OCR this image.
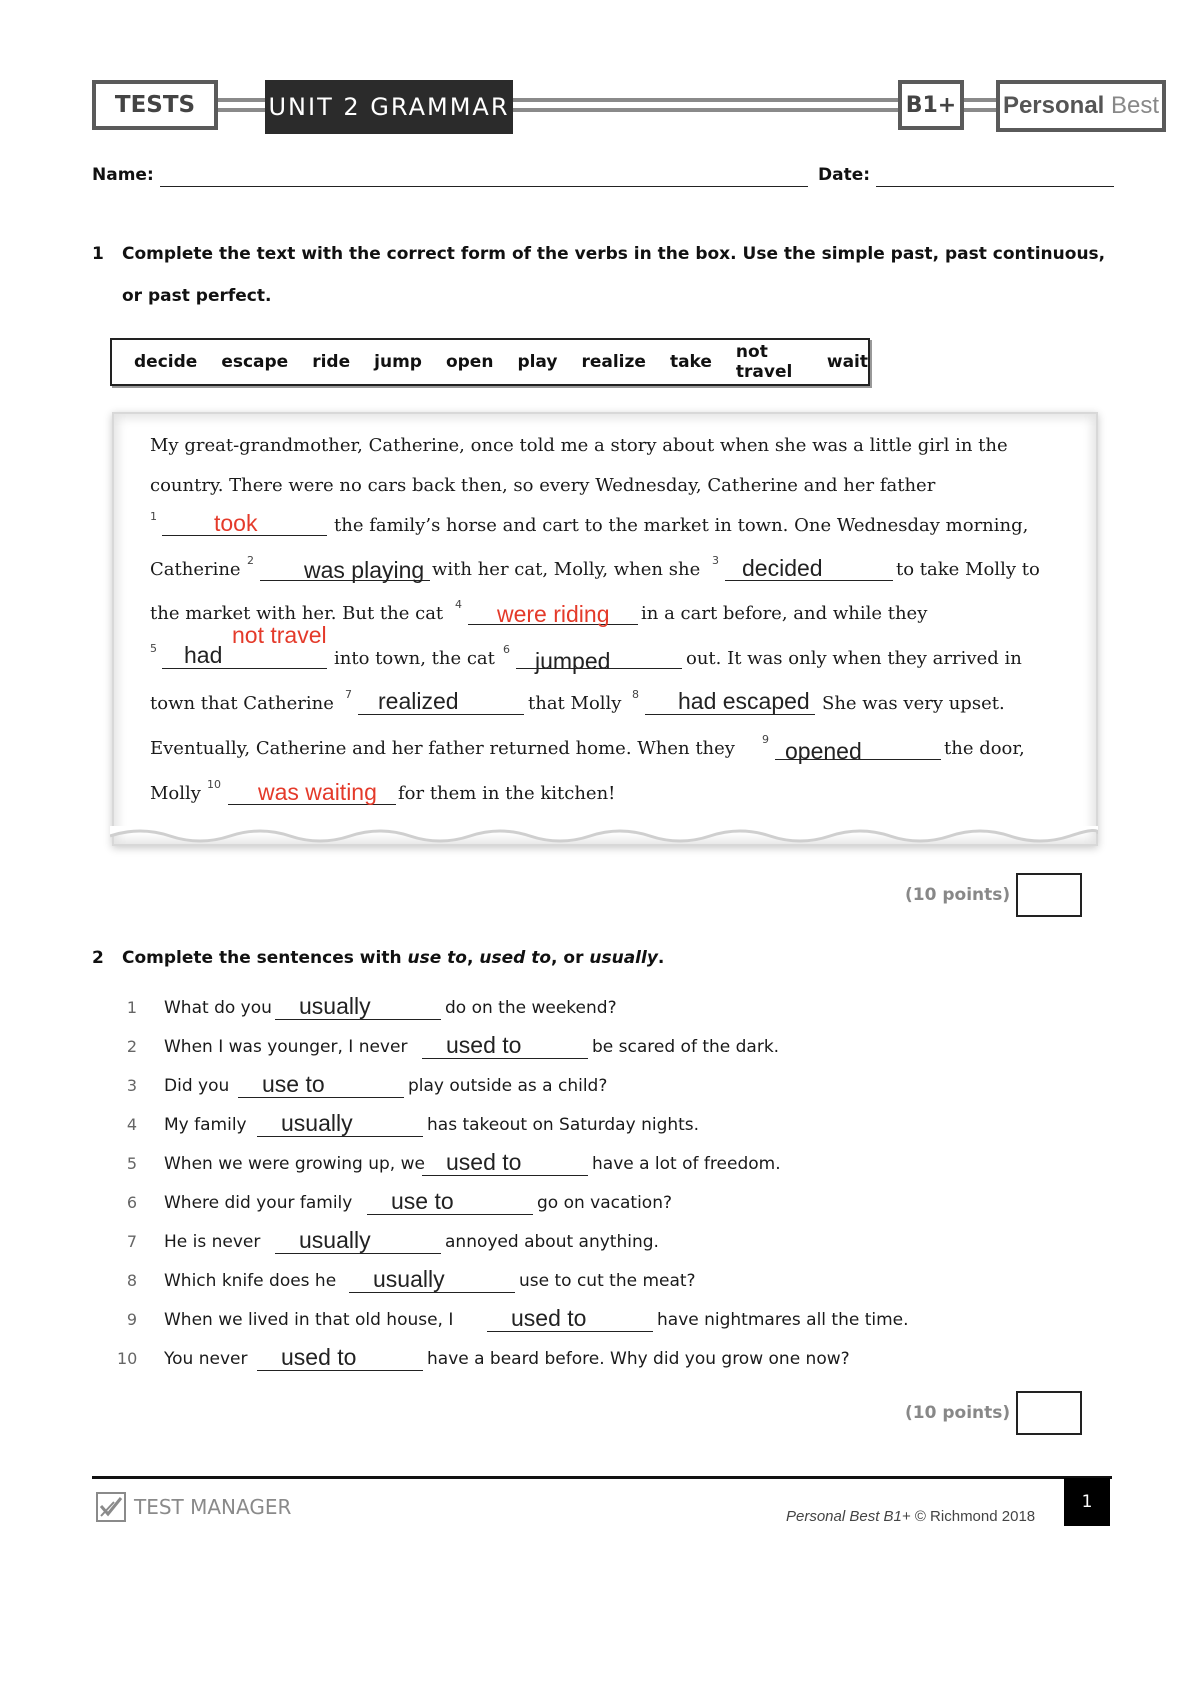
TESTS	UNIT 2 GRAMMAR	B1+	Personal
Best
Name:	Date:
1 Complete the text with the correct form of the verbs in the box. Use the simple past, past continuous,
or past perfect.
decide escape ride jump open play realize take not travel	wait
My great-grandmother, Catherine, once told me a story about when she was a little girl in the
country. There were no cars back then, so every Wednesday, Catherine and her father
1 took	the family’s horse and cart to the market in town. One Wednesday morning,
Catherine 2 was playing with her cat, Molly, when she 3 decided	to take Molly to
the market with her. But the cat 4 were riding in a cart before, and while they
not travel
5 had	into town, the cat 6 jumped	out. It was only when they arrived in
town that Catherine 7 realized	that Molly 8 had escaped She was very upset.
Eventually, Catherine and her father returned home. When they 9 opened	the door,
Molly 10 was waiting for them in the kitchen!
(10 points)
2 Complete the sentences with use to, used to, or usually.
1 What do you usually	do on the weekend?
2 When I was younger, I never used to	be scared of the dark.
3 Did you use to	play outside as a child?
4 My family usually	has takeout on Saturday nights.
5 When we were growing up, we used to	have a lot of freedom.
6 Where did your family use to	go on vacation?
7 He is never usually	annoyed about anything.
8 Which knife does he usually	use to cut the meat?
9 When we lived in that old house, I	used to	have nightmares all the time.
10 You never used to	have a beard before. Why did you grow one now?
(10 points)
TEST MANAGER	Personal Best B1+ © Richmond 2018
1
